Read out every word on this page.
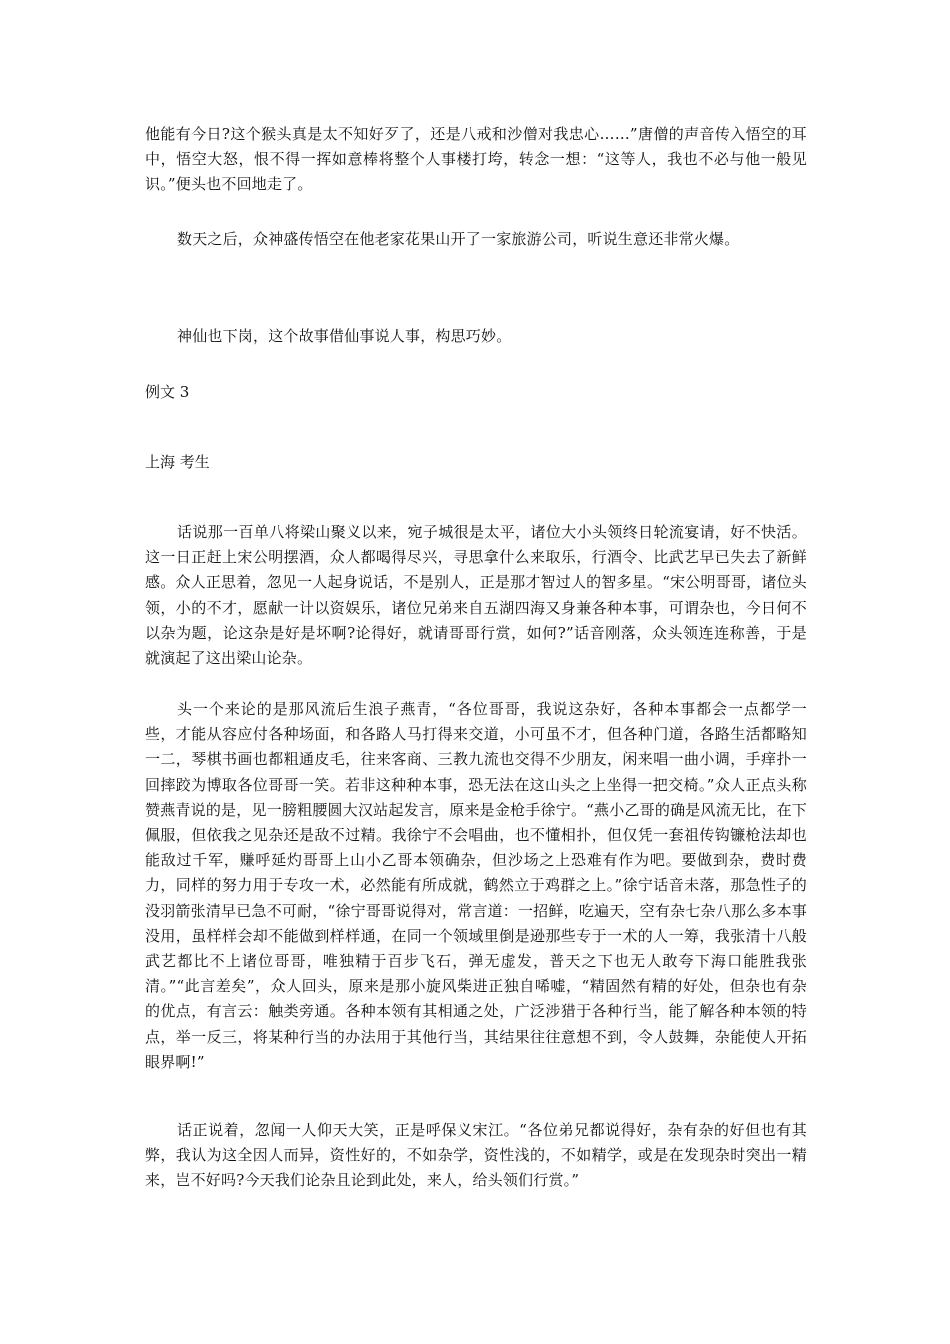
他能有今日?这个猴头真是太不知好歹了，还是八戒和沙僧对我忠心……”唐僧的声音传入悟空的耳中，悟空大怒，恨不得一挥如意棒将整个人事楼打垮，转念一想：“这等人，我也不必与他一般见识。”便头也不回地走了。

数天之后，众神盛传悟空在他老家花果山开了一家旅游公司，听说生意还非常火爆。

神仙也下岗，这个故事借仙事说人事，构思巧妙。

例文 3

上海 考生

话说那一百单八将梁山聚义以来，宛子城很是太平，诸位大小头领终日轮流宴请，好不快活。这一日正赶上宋公明摆酒，众人都喝得尽兴，寻思拿什么来取乐，行酒令、比武艺早已失去了新鲜感。众人正思着，忽见一人起身说话，不是别人，正是那才智过人的智多星。“宋公明哥哥，诸位头领，小的不才，愿献一计以资娱乐，诸位兄弟来自五湖四海又身兼各种本事，可谓杂也，今日何不以杂为题，论这杂是好是坏啊?论得好，就请哥哥行赏，如何?”话音刚落，众头领连连称善，于是就演起了这出梁山论杂。

头一个来论的是那风流后生浪子燕青，“各位哥哥，我说这杂好，各种本事都会一点都学一些，才能从容应付各种场面，和各路人马打得来交道，小可虽不才，但各种门道，各路生活都略知一二，琴棋书画也都粗通皮毛，往来客商、三教九流也交得不少朋友，闲来唱一曲小调，手痒扑一回摔跤为博取各位哥哥一笑。若非这种种本事，恐无法在这山头之上坐得一把交椅。”众人正点头称赞燕青说的是，见一膀粗腰圆大汉站起发言，原来是金枪手徐宁。“燕小乙哥的确是风流无比，在下佩服，但依我之见杂还是敌不过精。我徐宁不会唱曲，也不懂相扑，但仅凭一套祖传钩镰枪法却也能敌过千军，赚呼延灼哥哥上山小乙哥本领确杂，但沙场之上恐难有作为吧。要做到杂，费时费力，同样的努力用于专攻一术，必然能有所成就，鹤然立于鸡群之上。”徐宁话音未落，那急性子的没羽箭张清早已急不可耐，“徐宁哥哥说得对，常言道：一招鲜，吃遍天，空有杂七杂八那么多本事没用，虽样样会却不能做到样样通，在同一个领域里倒是逊那些专于一术的人一筹，我张清十八般武艺都比不上诸位哥哥，唯独精于百步飞石，弹无虚发，普天之下也无人敢夸下海口能胜我张清。”“此言差矣”，众人回头，原来是那小旋风柴进正独自唏嘘，“精固然有精的好处，但杂也有杂的优点，有言云：触类旁通。各种本领有其相通之处，广泛涉猎于各种行当，能了解各种本领的特点，举一反三，将某种行当的办法用于其他行当，其结果往往意想不到，令人鼓舞，杂能使人开拓眼界啊!”

话正说着，忽闻一人仰天大笑，正是呼保义宋江。“各位弟兄都说得好，杂有杂的好但也有其弊，我认为这全因人而异，资性好的，不如杂学，资性浅的，不如精学，或是在发现杂时突出一精来，岂不好吗?今天我们论杂且论到此处，来人，给头领们行赏。”
